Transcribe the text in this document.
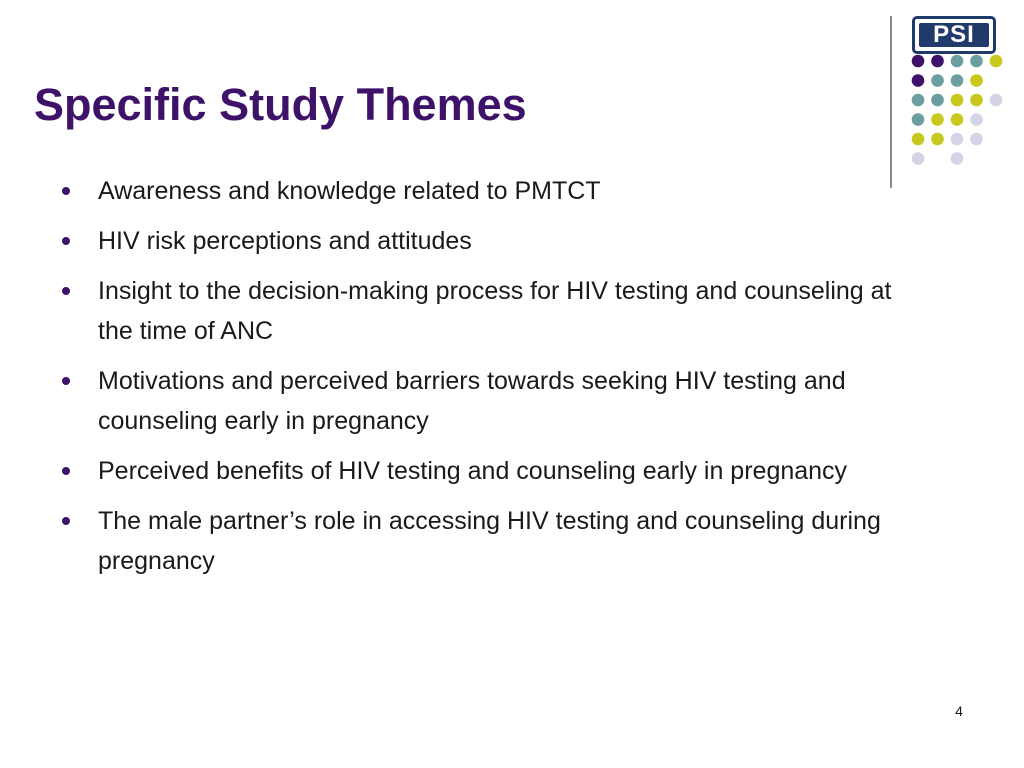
Specific Study Themes
PSI
Awareness and knowledge related to PMTCT
HIV risk perceptions and attitudes
Insight to the decision-making process for HIV testing and counseling at the time of ANC
Motivations and perceived barriers towards seeking HIV testing and counseling early in pregnancy
Perceived benefits of HIV testing and counseling early in pregnancy
The male partner’s role in accessing HIV testing and counseling during pregnancy
4
